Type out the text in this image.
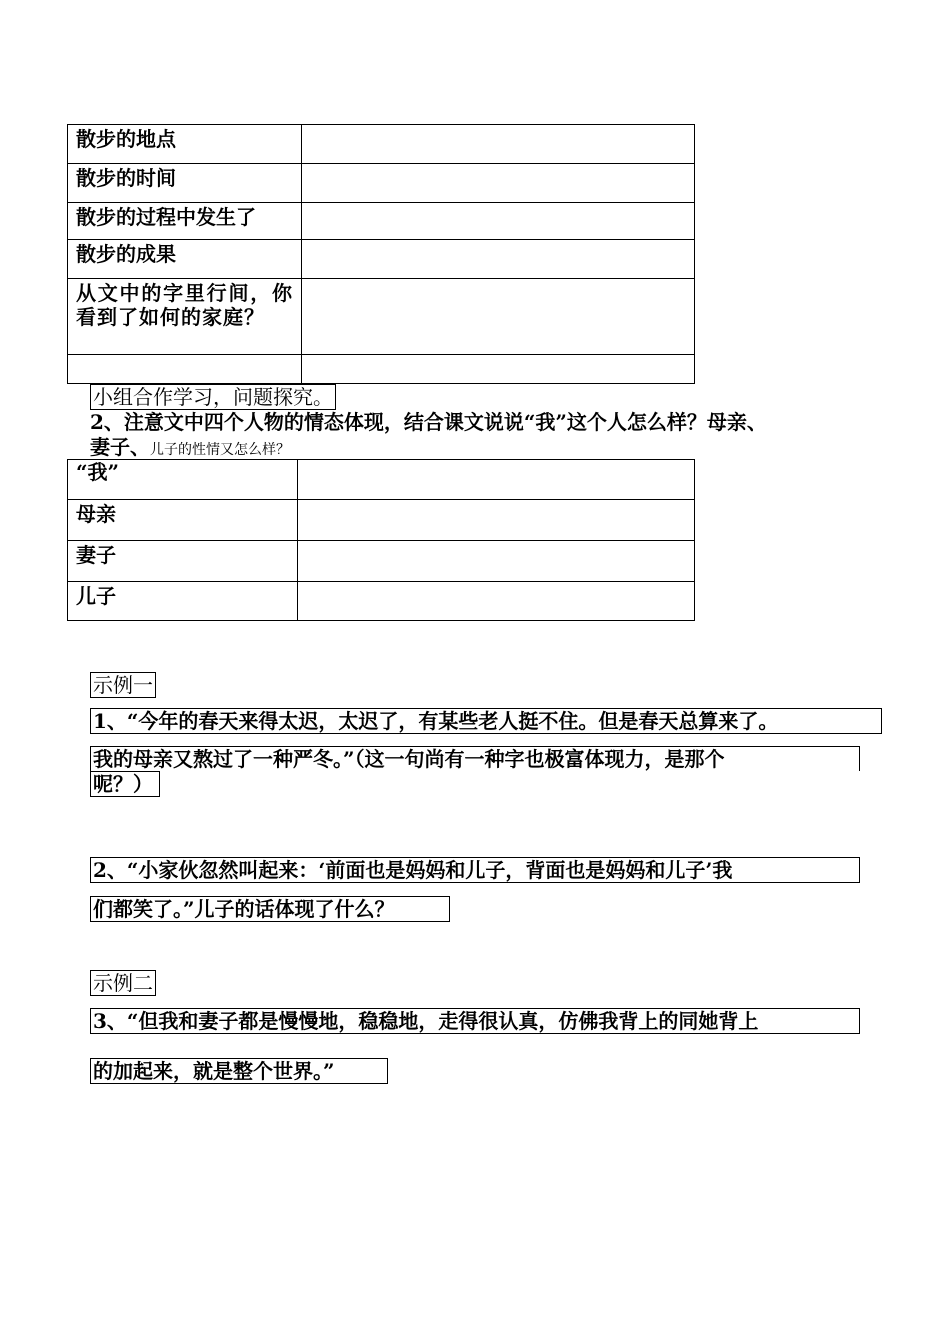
散步的地点	
散步的时间	
散步的过程中发生了	
散步的成果	
从文中的字里行间，你看到了如何的家庭？	

小组合作学习，问题探究。
2、注意文中四个人物的情态体现，结合课文说说“我”这个人怎么样？母亲、
妻子、儿子的性情又怎么样？
“我”	
母亲	
妻子	
儿子	
示例一
1、“今年的春天来得太迟，太迟了，有某些老人挺不住。但是春天总算来了。
我的母亲又熬过了一种严冬。”（这一句尚有一种字也极富体现力，是那个
呢？）
2、“小家伙忽然叫起来：‘前面也是妈妈和儿子，背面也是妈妈和儿子’我
们都笑了。”儿子的话体现了什么？
示例二
3、“但我和妻子都是慢慢地，稳稳地，走得很认真，仿佛我背上的同她背上
的加起来，就是整个世界。”
